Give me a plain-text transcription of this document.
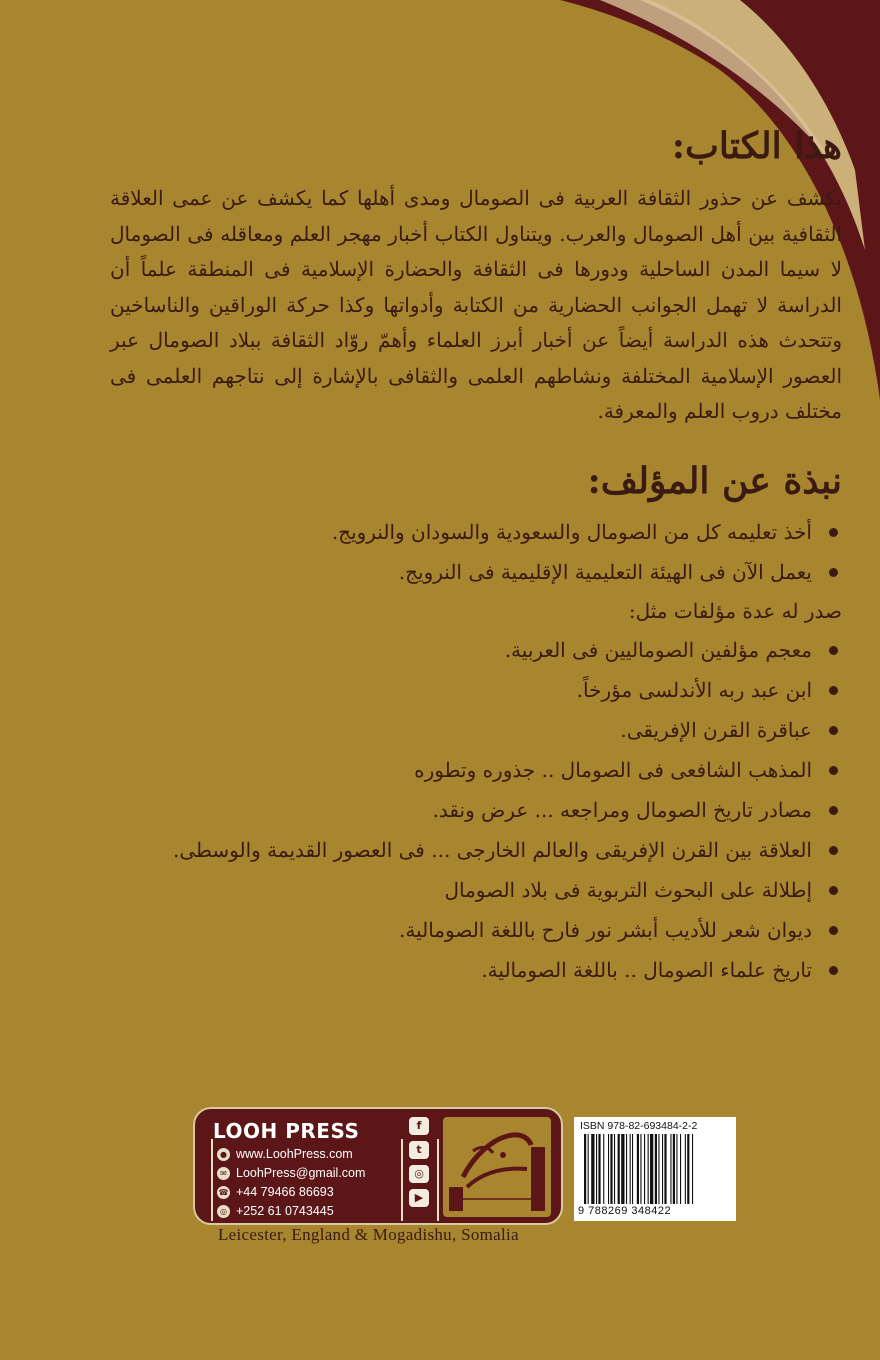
هذا الكتاب:

يكشف عن حذور الثقافة العربية فى الصومال ومدى أهلها كما يكشف عن عمى العلاقة الثقافية بين أهل الصومال والعرب. ويتناول الكتاب أخبار مهجر العلم ومعاقله فى الصومال لا سيما المدن الساحلية ودورها فى الثقافة والحضارة الإسلامية فى المنطقة علماً أن الدراسة لا تهمل الجوانب الحضارية من الكتابة وأدواتها وكذا حركة الوراقين والناساخين وتتحدث هذه الدراسة أيضاً عن أخبار أبرز العلماء وأهمّ روّاد الثقافة ببلاد الصومال عبر العصور الإسلامية المختلفة ونشاطهم العلمى والثقافى بالإشارة إلى نتاجهم العلمى فى مختلف دروب العلم والمعرفة.

نبذة عن المؤلف:
أخذ تعليمه كل من الصومال والسعودية والسودان والنرويج.
يعمل الآن فى الهيئة التعليمية الإقليمية فى النرويج.
صدر له عدة مؤلفات مثل:
معجم مؤلفين الصوماليين فى العربية.
ابن عبد ربه الأندلسى مؤرخاً.
عباقرة القرن الإفريقى.
المذهب الشافعى فى الصومال .. جذوره وتطوره
مصادر تاريخ الصومال ومراجعه ... عرض ونقد.
العلاقة بين القرن الإفريقى والعالم الخارجى ... فى العصور القديمة والوسطى.
إطلالة على البحوث التربوية فى بلاد الصومال
ديوان شعر للأديب أبشر نور فارح باللغة الصومالية.
تاريخ علماء الصومال .. باللغة الصومالية.
LOOH PRESS
● www.LoohPress.com
✉ LoohPress@gmail.com
☎ +44 79466 86693
◎ +252 61 0743445
f
t
◎
▶
ISBN 978-82-693484-2-2
9 788269 348422
Leicester, England & Mogadishu, Somalia
